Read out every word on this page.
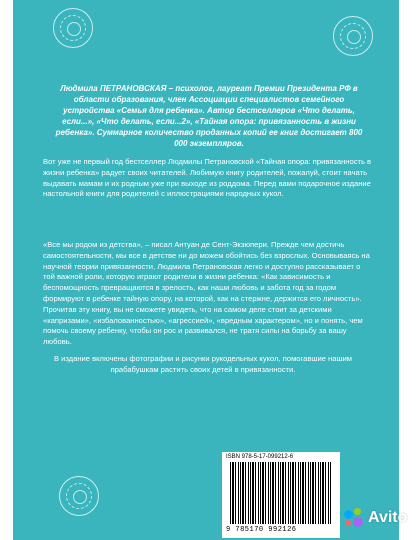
Людмила ПЕТРАНОВСКАЯ – психолог, лауреат Премии Президента РФ в области образования, член Ассоциации специалистов семейного устройства «Семья для ребенка». Автор бестселлеров «Что делать, если...», «Что делать, если...2», «Тайная опора: привязанность в жизни ребенка». Суммарное количество проданных копий ее книг достигает 800 000 экземпляров.
Вот уже не первый год бестселлер Людмилы Петрановской «Тайная опора: привязанность в жизни ребенка» радует своих читателей. Любимую книгу родителей, пожалуй, стоит начать выдавать мамам и их родным уже при выходе из роддома. Перед вами подарочное издание настольной книги для родителей с иллюстрациями народных кукол.
«Все мы родом из детства», – писал Антуан де Сент-Экзюпери. Прежде чем достичь самостоятельности, мы все в детстве ни до можем обойтись без взрослых. Основываясь на научной теории привязанности, Людмила Петрановская легко и доступно рассказывает о той важной роли, которую играют родители в жизни ребенка: «Как зависимость и беспомощность превращаются в зрелость, как наши любовь и забота год за годом формируют в ребенке тайную опору, на которой, как на стержне, держится его личность». Прочитав эту книгу, вы не сможете увидеть, что на самом деле стоит за детскими «капризами», «избалованностью», «агрессией», «вредным характером», но и понять, чем помочь своему ребенку, чтобы он рос и развивался, не тратя силы на борьбу за вашу любовь.
В издание включены фотографии и рисунки рукодельных кукол, помогавшие нашим прабабушкам растить своих детей в привязанности.
ISBN 978-5-17-099212-6
9 785170 992126
Avito
